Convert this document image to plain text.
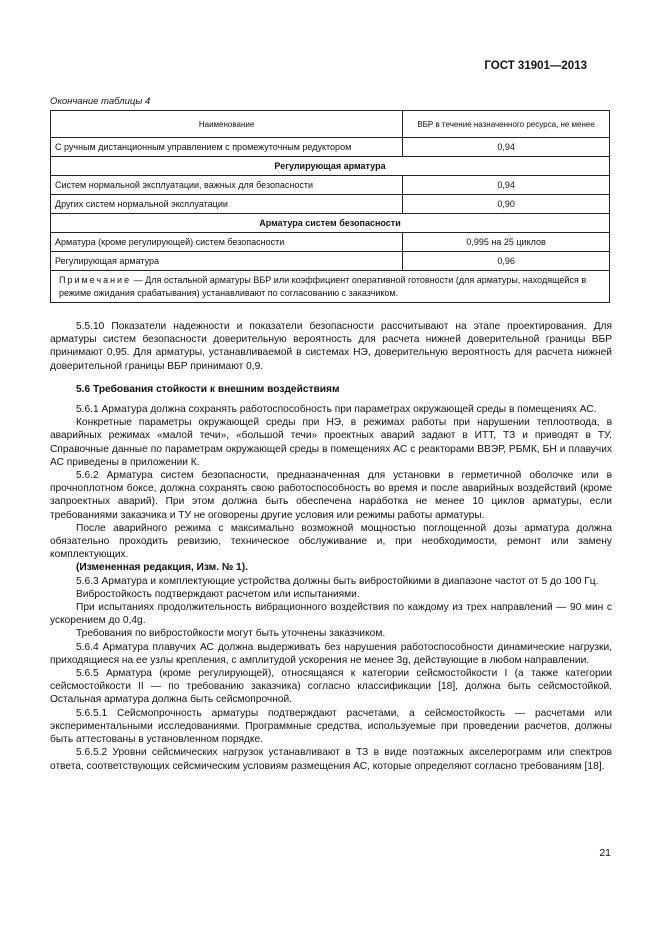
ГОСТ 31901—2013
Окончание таблицы 4
Наименование	ВБР в течение назначенного ресурса, не менее
С ручным дистанционным управлением с промежуточным редуктором	0,94
Регулирующая арматура	
Систем нормальной эксплуатации, важных для безопасности	0,94
Других систем нормальной эксплуатации	0,90
Арматура систем безопасности	
Арматура (кроме регулирующей) систем безопасности	0,995 на 25 циклов
Регулирующая арматура	0,96
Примечание — Для остальной арматуры ВБР или коэффициент оперативной готовности (для арматуры, находящейся в режиме ожидания срабатывания) устанавливают по согласованию с заказчиком.	

5.5.10 Показатели надежности и показатели безопасности рассчитывают на этапе проектирования. Для арматуры систем безопасности доверительную вероятность для расчета нижней доверительной границы ВБР принимают 0,95. Для арматуры, устанавливаемой в системах НЭ, доверительную вероятность для расчета нижней доверительной границы ВБР принимают 0,9.

5.6 Требования стойкости к внешним воздействиям

5.6.1 Арматура должна сохранять работоспособность при параметрах окружающей среды в помещениях АС.

Конкретные параметры окружающей среды при НЭ, в режимах работы при нарушении теплоотвода, в аварийных режимах «малой течи», «большой течи» проектных аварий задают в ИТТ, ТЗ и приводят в ТУ. Справочные данные по параметрам окружающей среды в помещениях АС с реакторами ВВЭР, РБМК, БН и плавучих АС приведены в приложении К.

5.6.2 Арматура систем безопасности, предназначенная для установки в герметичной оболочке или в прочноплотном боксе, должна сохранять свою работоспособность во время и после аварийных воздействий (кроме запроектных аварий). При этом должна быть обеспечена наработка не менее 10 циклов арматуры, если требованиями заказчика и ТУ не оговорены другие условия или режимы работы арматуры.

После аварийного режима с максимально возможной мощностью поглощенной дозы арматура должна обязательно проходить ревизию, техническое обслуживание и, при необходимости, ремонт или замену комплектующих.

(Измененная редакция, Изм. № 1).

5.6.3 Арматура и комплектующие устройства должны быть вибростойкими в диапазоне частот от 5 до 100 Гц.

Вибростойкость подтверждают расчетом или испытаниями.

При испытаниях продолжительность вибрационного воздействия по каждому из трех направлений — 90 мин с ускорением до 0,4g.

Требования по вибростойкости могут быть уточнены заказчиком.

5.6.4 Арматура плавучих АС должна выдерживать без нарушения работоспособности динамические нагрузки, приходящиеся на ее узлы крепления, с амплитудой ускорения не менее 3g, действующие в любом направлении.

5.6.5 Арматура (кроме регулирующей), относящаяся к категории сейсмостойкости I (а также категории сейсмостойкости II — по требованию заказчика) согласно классификации [18], должна быть сейсмостойкой. Остальная арматура должна быть сейсмопрочной.

5.6.5.1 Сейсмопрочность арматуры подтверждают расчетами, а сейсмостойкость — расчетами или экспериментальными исследованиями. Программные средства, используемые при проведении расчетов, должны быть аттестованы в установленном порядке.

5.6.5.2 Уровни сейсмических нагрузок устанавливают в ТЗ в виде поэтажных акселерограмм или спектров ответа, соответствующих сейсмическим условиям размещения АС, которые определяют согласно требованиям [18].

21
